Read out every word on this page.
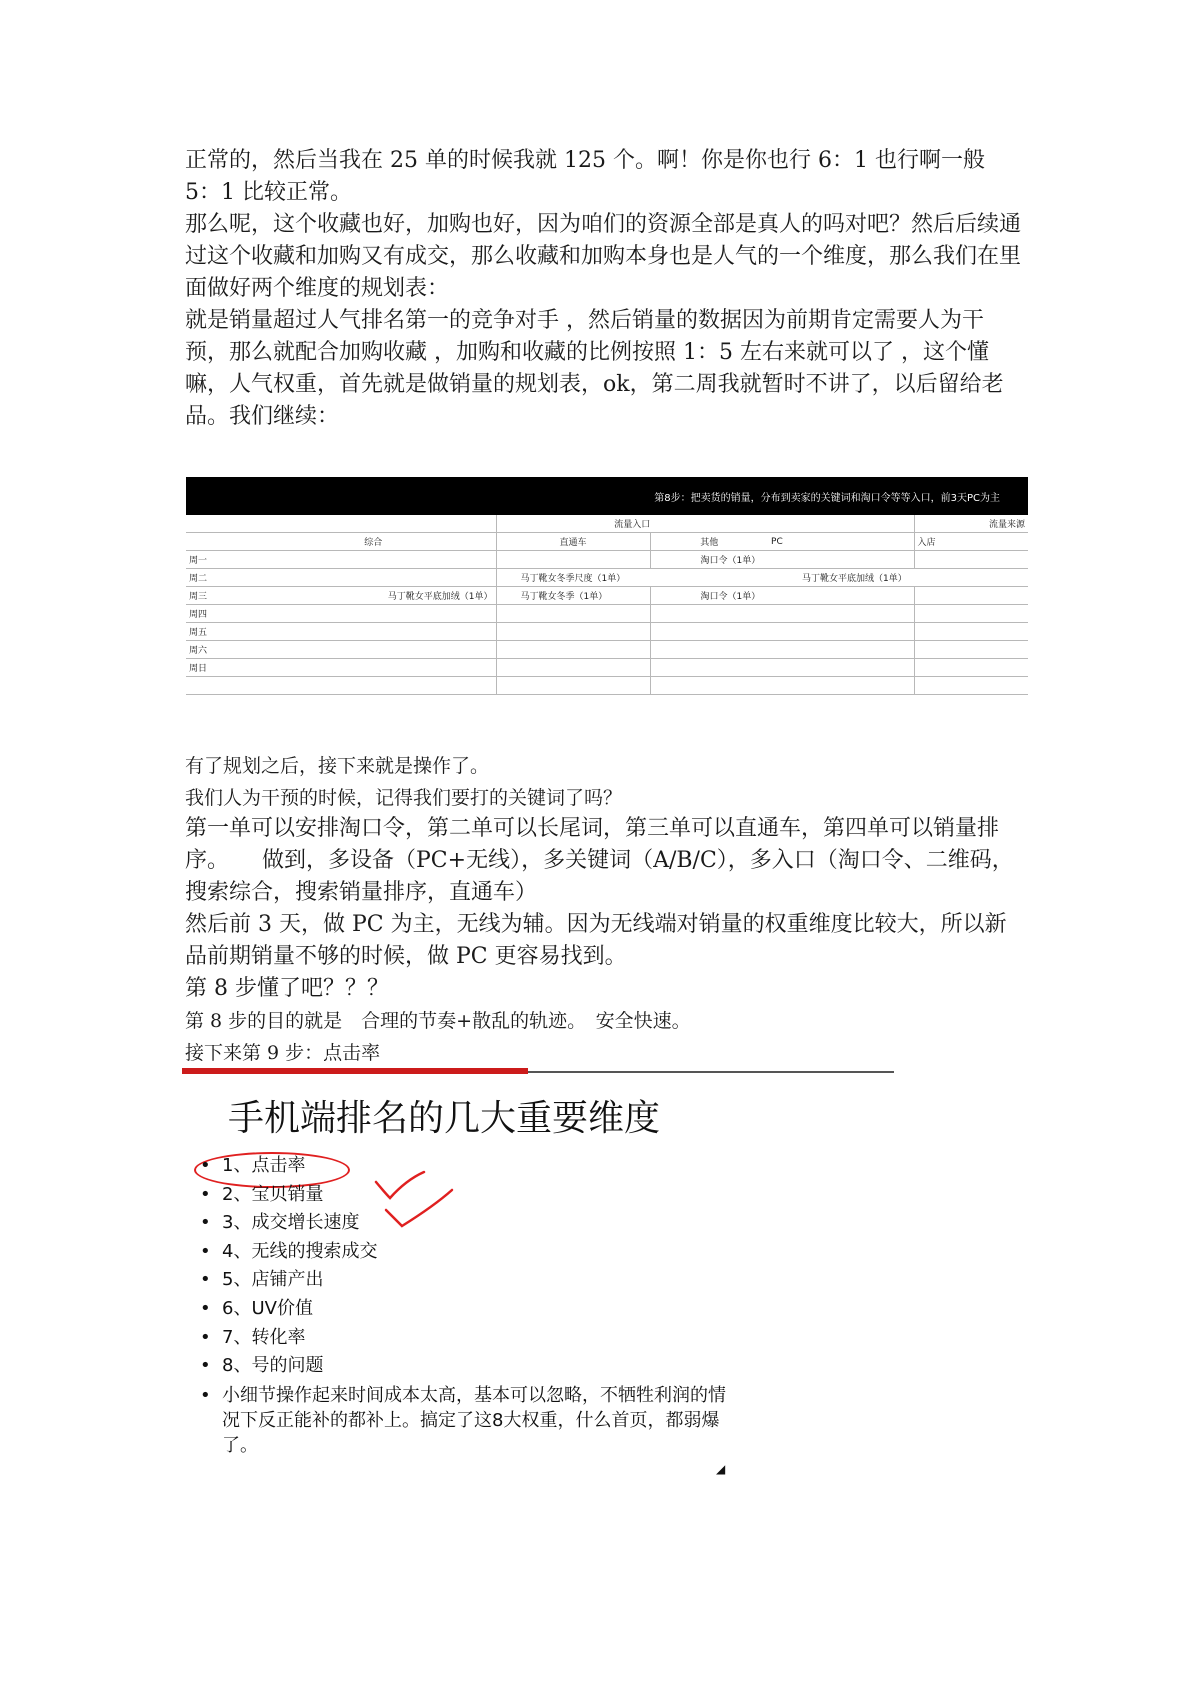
正常的，然后当我在 25 单的时候我就 125 个。啊！你是你也行 6：1 也行啊一般 5：1 比较正常。

那么呢，这个收藏也好，加购也好，因为咱们的资源全部是真人的吗对吧？然后后续通过这个收藏和加购又有成交，那么收藏和加购本身也是人气的一个维度，那么我们在里面做好两个维度的规划表：

就是销量超过人气排名第一的竞争对手 ，然后销量的数据因为前期肯定需要人为干预，那么就配合加购收藏 ，加购和收藏的比例按照 1：5 左右来就可以了 ，这个懂嘛，人气权重，首先就是做销量的规划表，ok，第二周我就暂时不讲了，以后留给老品。我们继续：

第8步：把卖货的销量，分布到卖家的关键词和淘口令等等入口，前3天PC为主
		流量入口			流量来源
	综合	直通车	其他	PC	入店
周一			淘口令（1单）		
周二		马丁靴女冬季尺度（1单）		马丁靴女平底加绒（1单）	
周三	马丁靴女平底加绒（1单）	马丁靴女冬季（1单）	淘口令（1单）		
周四					
周五					
周六					
周日					

有了规划之后，接下来就是操作了。

我们人为干预的时候，记得我们要打的关键词了吗？

第一单可以安排淘口令，第二单可以长尾词，第三单可以直通车，第四单可以销量排序。　　做到，多设备（PC+无线），多关键词（A/B/C），多入口（淘口令、二维码，搜索综合，搜索销量排序，直通车）

然后前 3 天，做 PC 为主，无线为辅。因为无线端对销量的权重维度比较大，所以新品前期销量不够的时候，做 PC 更容易找到。

第 8 步懂了吧？？？

第 8 步的目的就是　合理的节奏+散乱的轨迹。　安全快速。

接下来第 9 步：点击率

手机端排名的几大重要维度
• 1、点击率
• 2、宝贝销量
• 3、成交增长速度
• 4、无线的搜索成交
• 5、店铺产出
• 6、UV价值
• 7、转化率
• 8、号的问题
• 小细节操作起来时间成本太高，基本可以忽略，不牺牲利润的情况下反正能补的都补上。搞定了这8大权重，什么首页，都弱爆了。
◢
